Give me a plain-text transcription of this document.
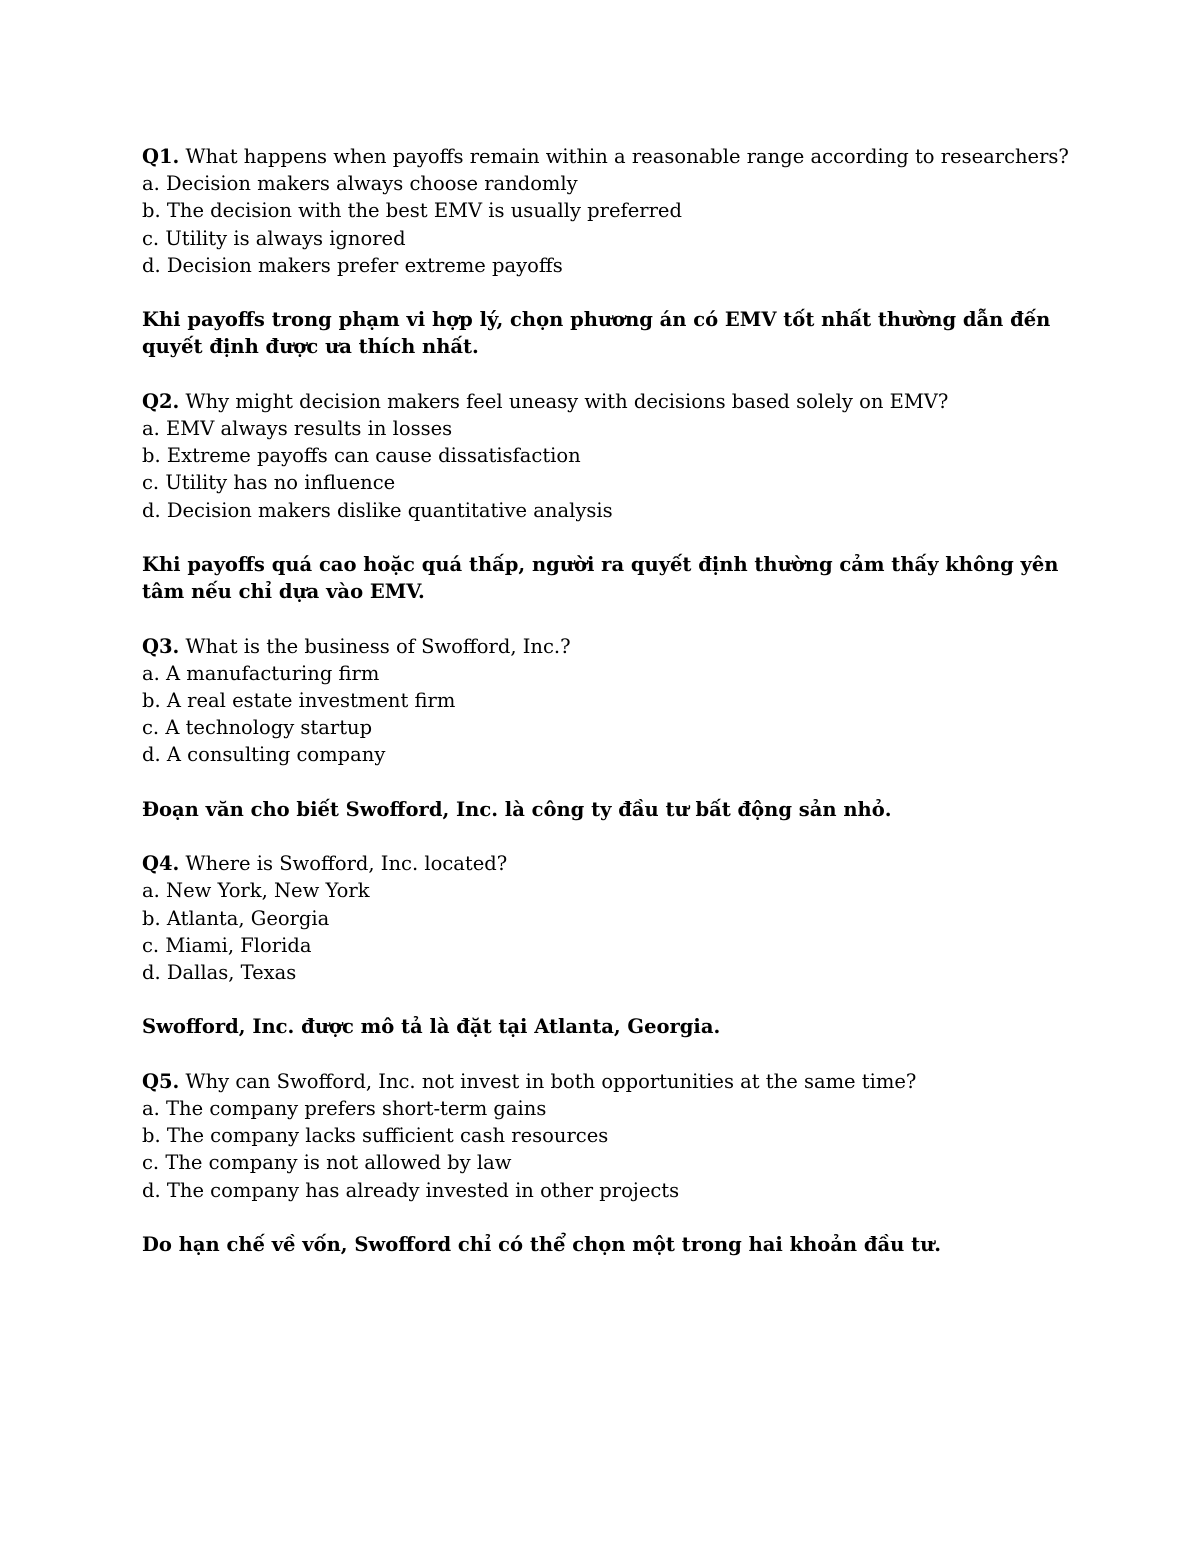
Q1. What happens when payoffs remain within a reasonable range according to researchers?
a. Decision makers always choose randomly
b. The decision with the best EMV is usually preferred
c. Utility is always ignored
d. Decision makers prefer extreme payoffs
Khi payoffs trong phạm vi hợp lý, chọn phương án có EMV tốt nhất thường dẫn đến quyết định được ưa thích nhất.
Q2. Why might decision makers feel uneasy with decisions based solely on EMV?
a. EMV always results in losses
b. Extreme payoffs can cause dissatisfaction
c. Utility has no influence
d. Decision makers dislike quantitative analysis
Khi payoffs quá cao hoặc quá thấp, người ra quyết định thường cảm thấy không yên tâm nếu chỉ dựa vào EMV.
Q3. What is the business of Swofford, Inc.?
a. A manufacturing firm
b. A real estate investment firm
c. A technology startup
d. A consulting company
Đoạn văn cho biết Swofford, Inc. là công ty đầu tư bất động sản nhỏ.
Q4. Where is Swofford, Inc. located?
a. New York, New York
b. Atlanta, Georgia
c. Miami, Florida
d. Dallas, Texas
Swofford, Inc. được mô tả là đặt tại Atlanta, Georgia.
Q5. Why can Swofford, Inc. not invest in both opportunities at the same time?
a. The company prefers short-term gains
b. The company lacks sufficient cash resources
c. The company is not allowed by law
d. The company has already invested in other projects
Do hạn chế về vốn, Swofford chỉ có thể chọn một trong hai khoản đầu tư.
